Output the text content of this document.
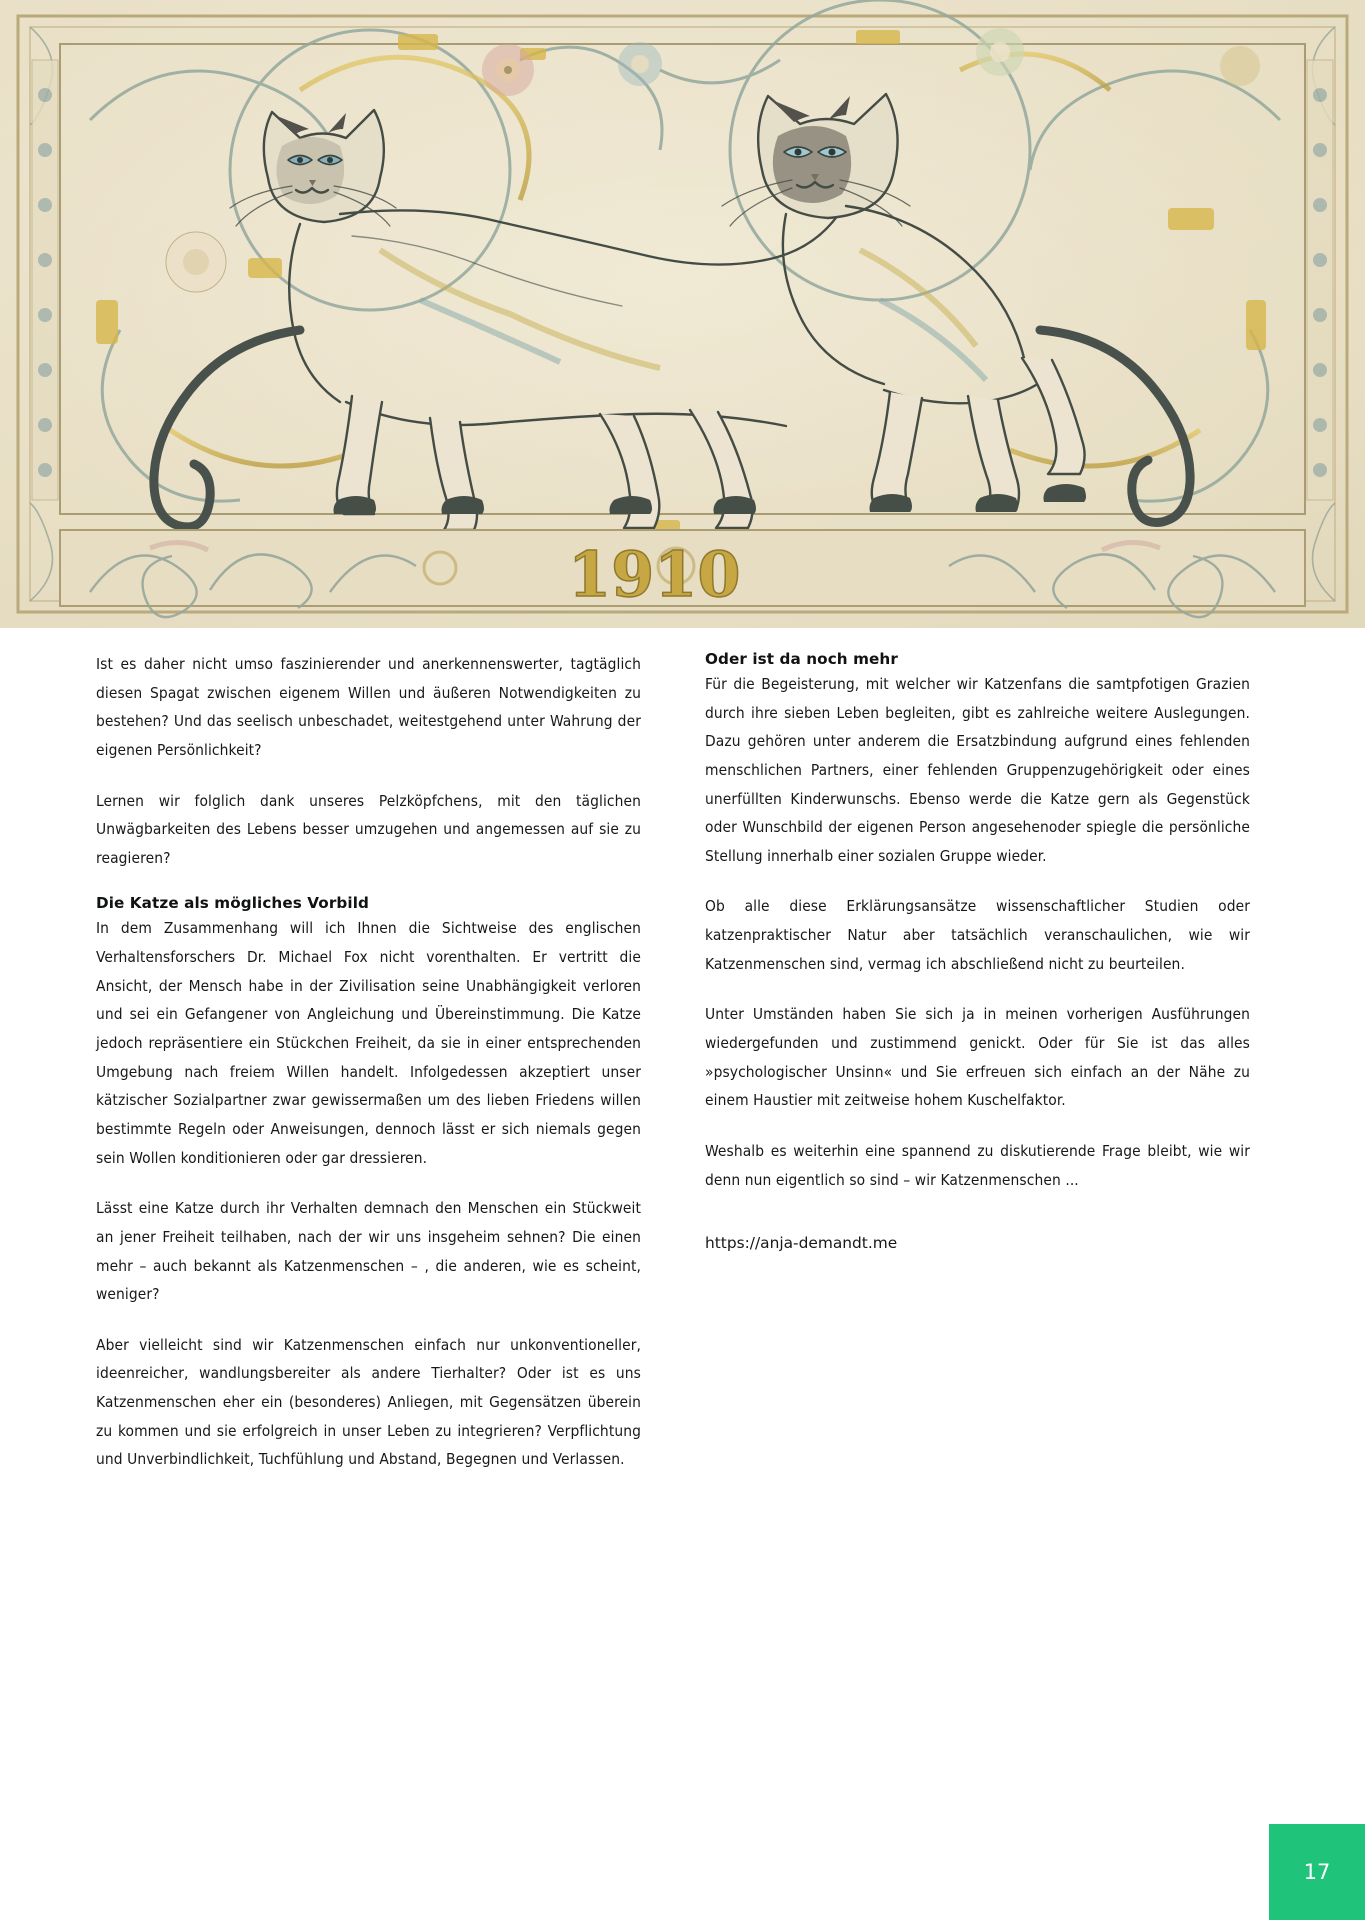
1910

Ist es daher nicht umso faszinierender und anerkennenswerter, tagtäglich diesen Spagat zwischen eigenem Willen und äußeren Notwendigkeiten zu bestehen? Und das seelisch unbeschadet, weitestgehend unter Wahrung der eigenen Persönlichkeit?

Lernen wir folglich dank unseres Pelzköpfchens, mit den täglichen Unwägbarkeiten des Lebens besser umzugehen und angemessen auf sie zu reagieren?

Die Katze als mögliches Vorbild

In dem Zusammenhang will ich Ihnen die Sichtweise des englischen Verhaltensforschers Dr. Michael Fox nicht vorenthalten. Er vertritt die Ansicht, der Mensch habe in der Zivilisation seine Unabhängigkeit verloren und sei ein Gefangener von Angleichung und Übereinstimmung. Die Katze jedoch repräsentiere ein Stückchen Freiheit, da sie in einer entsprechenden Umgebung nach freiem Willen handelt. Infolgedessen akzeptiert unser kätzischer Sozialpartner zwar gewissermaßen um des lieben Friedens willen bestimmte Regeln oder Anweisungen, dennoch lässt er sich niemals gegen sein Wollen konditionieren oder gar dressieren.

Lässt eine Katze durch ihr Verhalten demnach den Menschen ein Stückweit an jener Freiheit teilhaben, nach der wir uns insgeheim sehnen? Die einen mehr – auch bekannt als Katzenmenschen – , die anderen, wie es scheint, weniger?

Aber vielleicht sind wir Katzenmenschen einfach nur unkonventioneller, ideenreicher, wandlungsbereiter als andere Tierhalter? Oder ist es uns Katzenmenschen eher ein (besonderes) Anliegen, mit Gegensätzen überein zu kommen und sie erfolgreich in unser Leben zu integrieren? Verpflichtung und Unverbindlichkeit, Tuchfühlung und Abstand, Begegnen und Verlassen.

Oder ist da noch mehr

Für die Begeisterung, mit welcher wir Katzenfans die samtpfotigen Grazien durch ihre sieben Leben begleiten, gibt es zahlreiche weitere Auslegungen. Dazu gehören unter anderem die Ersatzbindung aufgrund eines fehlenden menschlichen Partners, einer fehlenden Gruppenzugehörigkeit oder eines unerfüllten Kinderwunschs. Ebenso werde die Katze gern als Gegenstück oder Wunschbild der eigenen Person angesehenoder spiegle die persönliche Stellung innerhalb einer sozialen Gruppe wieder.

Ob alle diese Erklärungsansätze wissenschaftlicher Studien oder katzenpraktischer Natur aber tatsächlich veranschaulichen, wie wir Katzenmenschen sind, vermag ich abschließend nicht zu beurteilen.

Unter Umständen haben Sie sich ja in meinen vorherigen Ausführungen wiedergefunden und zustimmend genickt. Oder für Sie ist das alles »psychologischer Unsinn« und Sie erfreuen sich einfach an der Nähe zu einem Haustier mit zeitweise hohem Kuschelfaktor.

Weshalb es weiterhin eine spannend zu diskutierende Frage bleibt, wie wir denn nun eigentlich so sind – wir Katzenmenschen ...

https://anja-demandt.me
17
